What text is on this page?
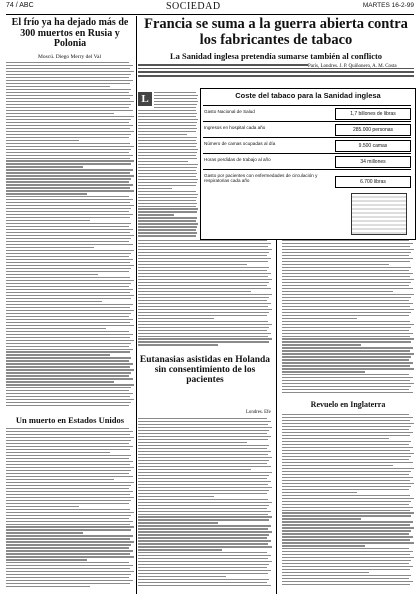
74 / ABC	SOCIEDAD	MARTES 16-2-99
El frío ya ha dejado más de 300 muertos en Rusia y Polonia
Moscú. Diego Merry del Val
Un muerto en Estados Unidos
Francia se suma a la guerra abierta contra los fabricantes de tabaco
La Sanidad inglesa pretendía sumarse también al conflicto
París, Londres. J. P. Quiñonero, A. M. Costa
L	Coste del tabaco para la Sanidad inglesa
Gasto Nacional de Salud	1,7 billones de libras
Ingresos en hospital cada año	285.000 personas
Número de camas ocupadas al día	9.500 camas
Horas perdidas de trabajo al año	34 millones
Gasto por pacientes con enfermedades de circulación y respiratorias cada año	6.700 libras
Eutanasias asistidas en Holanda sin consentimiento de los pacientes
Londres. Efe
Revuelo en Inglaterra
